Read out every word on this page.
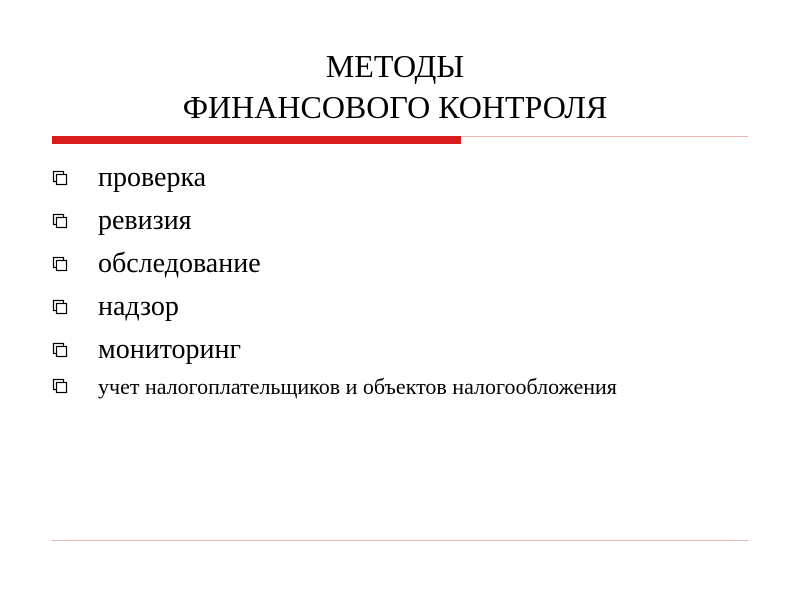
МЕТОДЫ
ФИНАНСОВОГО КОНТРОЛЯ
проверка
ревизия
обследование
надзор
мониторинг
учет налогоплательщиков и объектов налогообложения
